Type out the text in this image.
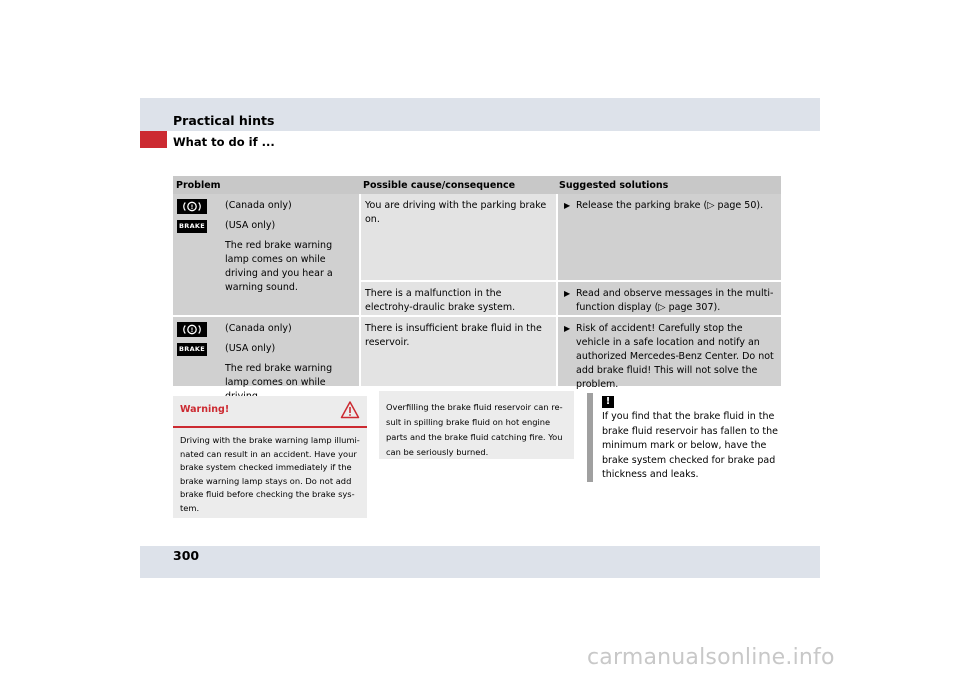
Practical hints
What to do if ...
Problem	Possible cause/consequence	Suggested solutions
!
BRAKE
(Canada only)
(USA only)
The red brake warning lamp comes on while driving and you hear a warning sound.
You are driving with the parking brake on.
▶ Release the parking brake (▷ page 50).
There is a malfunction in the electrohy-draulic brake system.
▶ Read and observe messages in the multi-function display (▷ page 307).
!
BRAKE
(Canada only)
(USA only)
The red brake warning lamp comes on while
There is insufficient brake fluid in the reservoir.
▶ Risk of accident! Carefully stop the vehicle in a safe location and notify an authorized Mercedes-Benz Center. Do not add brake fluid! This will not solve the problem.
Warning!
Driving with the brake warning lamp illumi-nated can result in an accident. Have your brake system checked immediately if the brake warning lamp stays on. Do not add brake fluid before checking the brake sys-tem.
Overfilling the brake fluid reservoir can re-sult in spilling brake fluid on hot engine parts and the brake fluid catching fire. You can be seriously burned.
!
If you find that the brake fluid in the brake fluid reservoir has fallen to the minimum mark or below, have the brake system checked for brake pad thickness and leaks.
300
carmanualsonline.info
